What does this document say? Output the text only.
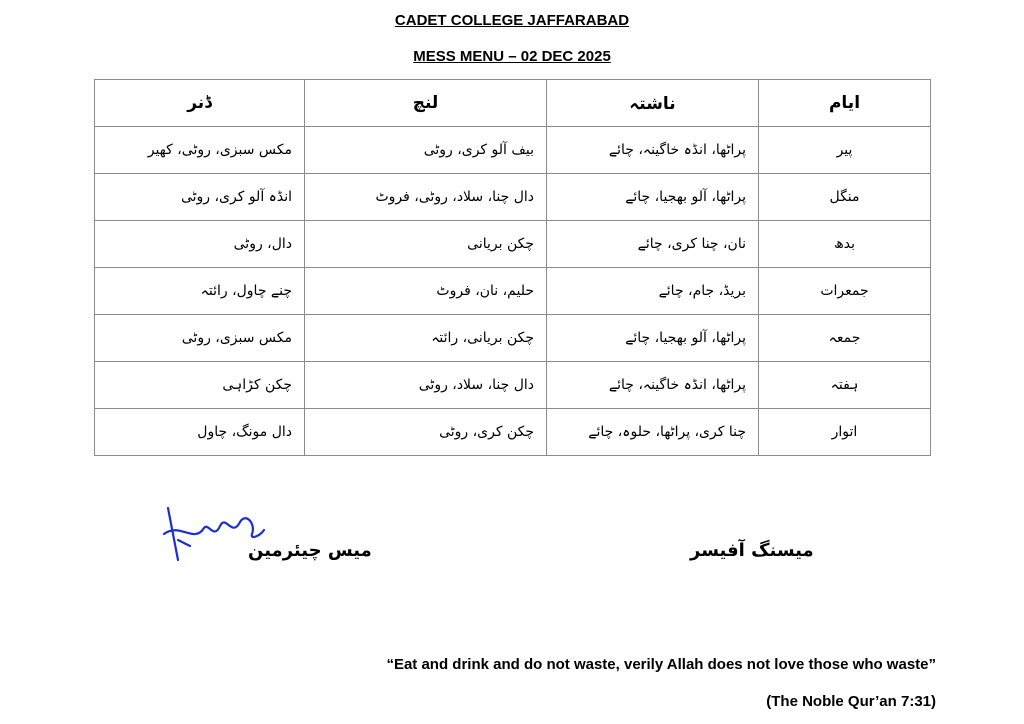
CADET COLLEGE JAFFARABAD
MESS MENU – 02 DEC 2025
ایام	ناشتہ	لنچ	ڈنر
پیر	پراٹھا، انڈہ خاگینہ، چائے	بیف آلو کری، روٹی	مکس سبزی، روٹی، کھیر
منگل	پراٹھا، آلو بھجیا، چائے	دال چنا، سلاد، روٹی، فروٹ	انڈہ آلو کری، روٹی
بدھ	نان، چنا کری، چائے	چکن بریانی	دال، روٹی
جمعرات	بریڈ، جام، چائے	حلیم، نان، فروٹ	چنے چاول، رائتہ
جمعہ	پراٹھا، آلو بھجیا، چائے	چکن بریانی، رائتہ	مکس سبزی، روٹی
ہفتہ	پراٹھا، انڈہ خاگینہ، چائے	دال چنا، سلاد، روٹی	چکن کڑاہی
اتوار	چنا کری، پراٹھا، حلوہ، چائے	چکن کری، روٹی	دال مونگ، چاول
میس چیئرمین	میسنگ آفیسر
“Eat and drink and do not waste, verily Allah does not love those who waste”
(The Noble Qur’an 7:31)
